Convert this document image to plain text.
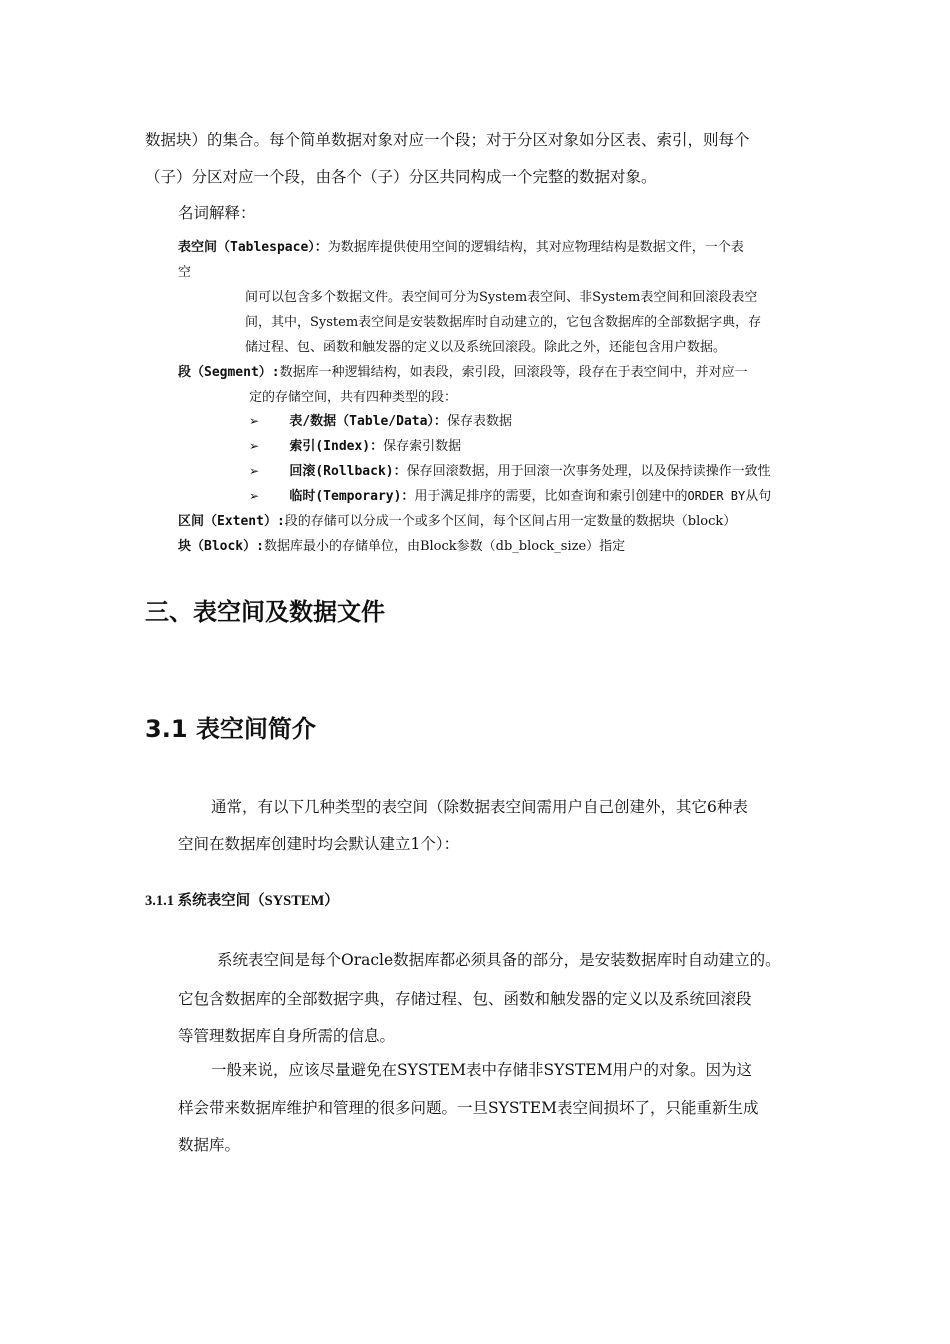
数据块）的集合。每个简单数据对象对应一个段；对于分区对象如分区表、索引，则每个
（子）分区对应一个段，由各个（子）分区共同构成一个完整的数据对象。
名词解释：
表空间（Tablespace）：为数据库提供使用空间的逻辑结构，其对应物理结构是数据文件，一个表
空
间可以包含多个数据文件。表空间可分为System表空间、非System表空间和回滚段表空
间，其中，System表空间是安装数据库时自动建立的，它包含数据库的全部数据字典，存
储过程、包、函数和触发器的定义以及系统回滚段。除此之外，还能包含用户数据。
段（Segment）:数据库一种逻辑结构，如表段，索引段，回滚段等，段存在于表空间中，并对应一
定的存储空间，共有四种类型的段：
➢ 表/数据（Table/Data）：保存表数据
➢ 索引(Index)：保存索引数据
➢ 回滚(Rollback)：保存回滚数据，用于回滚一次事务处理，以及保持读操作一致性
➢ 临时(Temporary)：用于满足排序的需要，比如查询和索引创建中的ORDER BY从句
区间（Extent）:段的存储可以分成一个或多个区间，每个区间占用一定数量的数据块（block）
块（Block）:数据库最小的存储单位，由Block参数（db_block_size）指定
三、表空间及数据文件
3.1 表空间简介
通常，有以下几种类型的表空间（除数据表空间需用户自己创建外，其它6种表
空间在数据库创建时均会默认建立1个）：
3.1.1 系统表空间（SYSTEM）
系统表空间是每个Oracle数据库都必须具备的部分，是安装数据库时自动建立的。
它包含数据库的全部数据字典，存储过程、包、函数和触发器的定义以及系统回滚段
等管理数据库自身所需的信息。
一般来说，应该尽量避免在SYSTEM表中存储非SYSTEM用户的对象。因为这
样会带来数据库维护和管理的很多问题。一旦SYSTEM表空间损坏了，只能重新生成
数据库。
